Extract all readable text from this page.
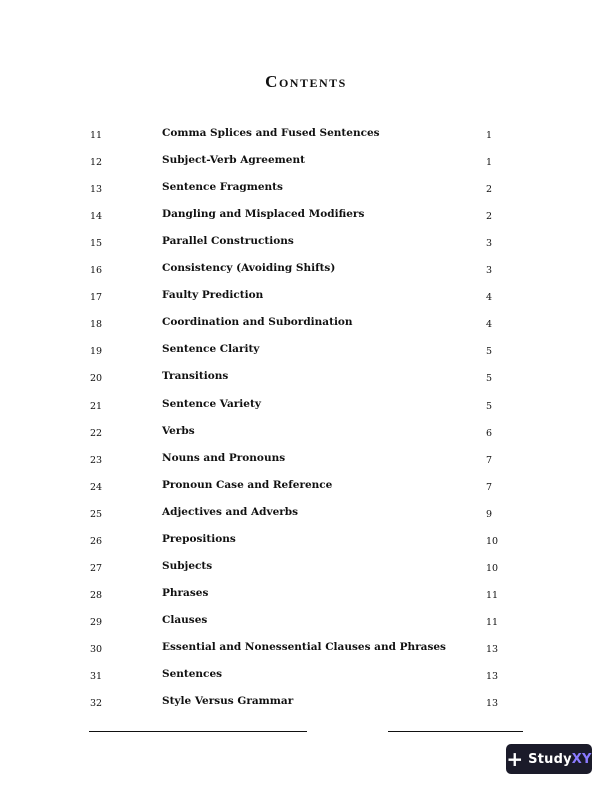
Contents
11	Comma Splices and Fused Sentences	1
12	Subject-Verb Agreement	1
13	Sentence Fragments	2
14	Dangling and Misplaced Modifiers	2
15	Parallel Constructions	3
16	Consistency (Avoiding Shifts)	3
17	Faulty Prediction	4
18	Coordination and Subordination	4
19	Sentence Clarity	5
20	Transitions	5
21	Sentence Variety	5
22	Verbs	6
23	Nouns and Pronouns	7
24	Pronoun Case and Reference	7
25	Adjectives and Adverbs	9
26	Prepositions	10
27	Subjects	10
28	Phrases	11
29	Clauses	11
30	Essential and Nonessential Clauses and Phrases	13
31	Sentences	13
32	Style Versus Grammar	13
+ StudyXY
